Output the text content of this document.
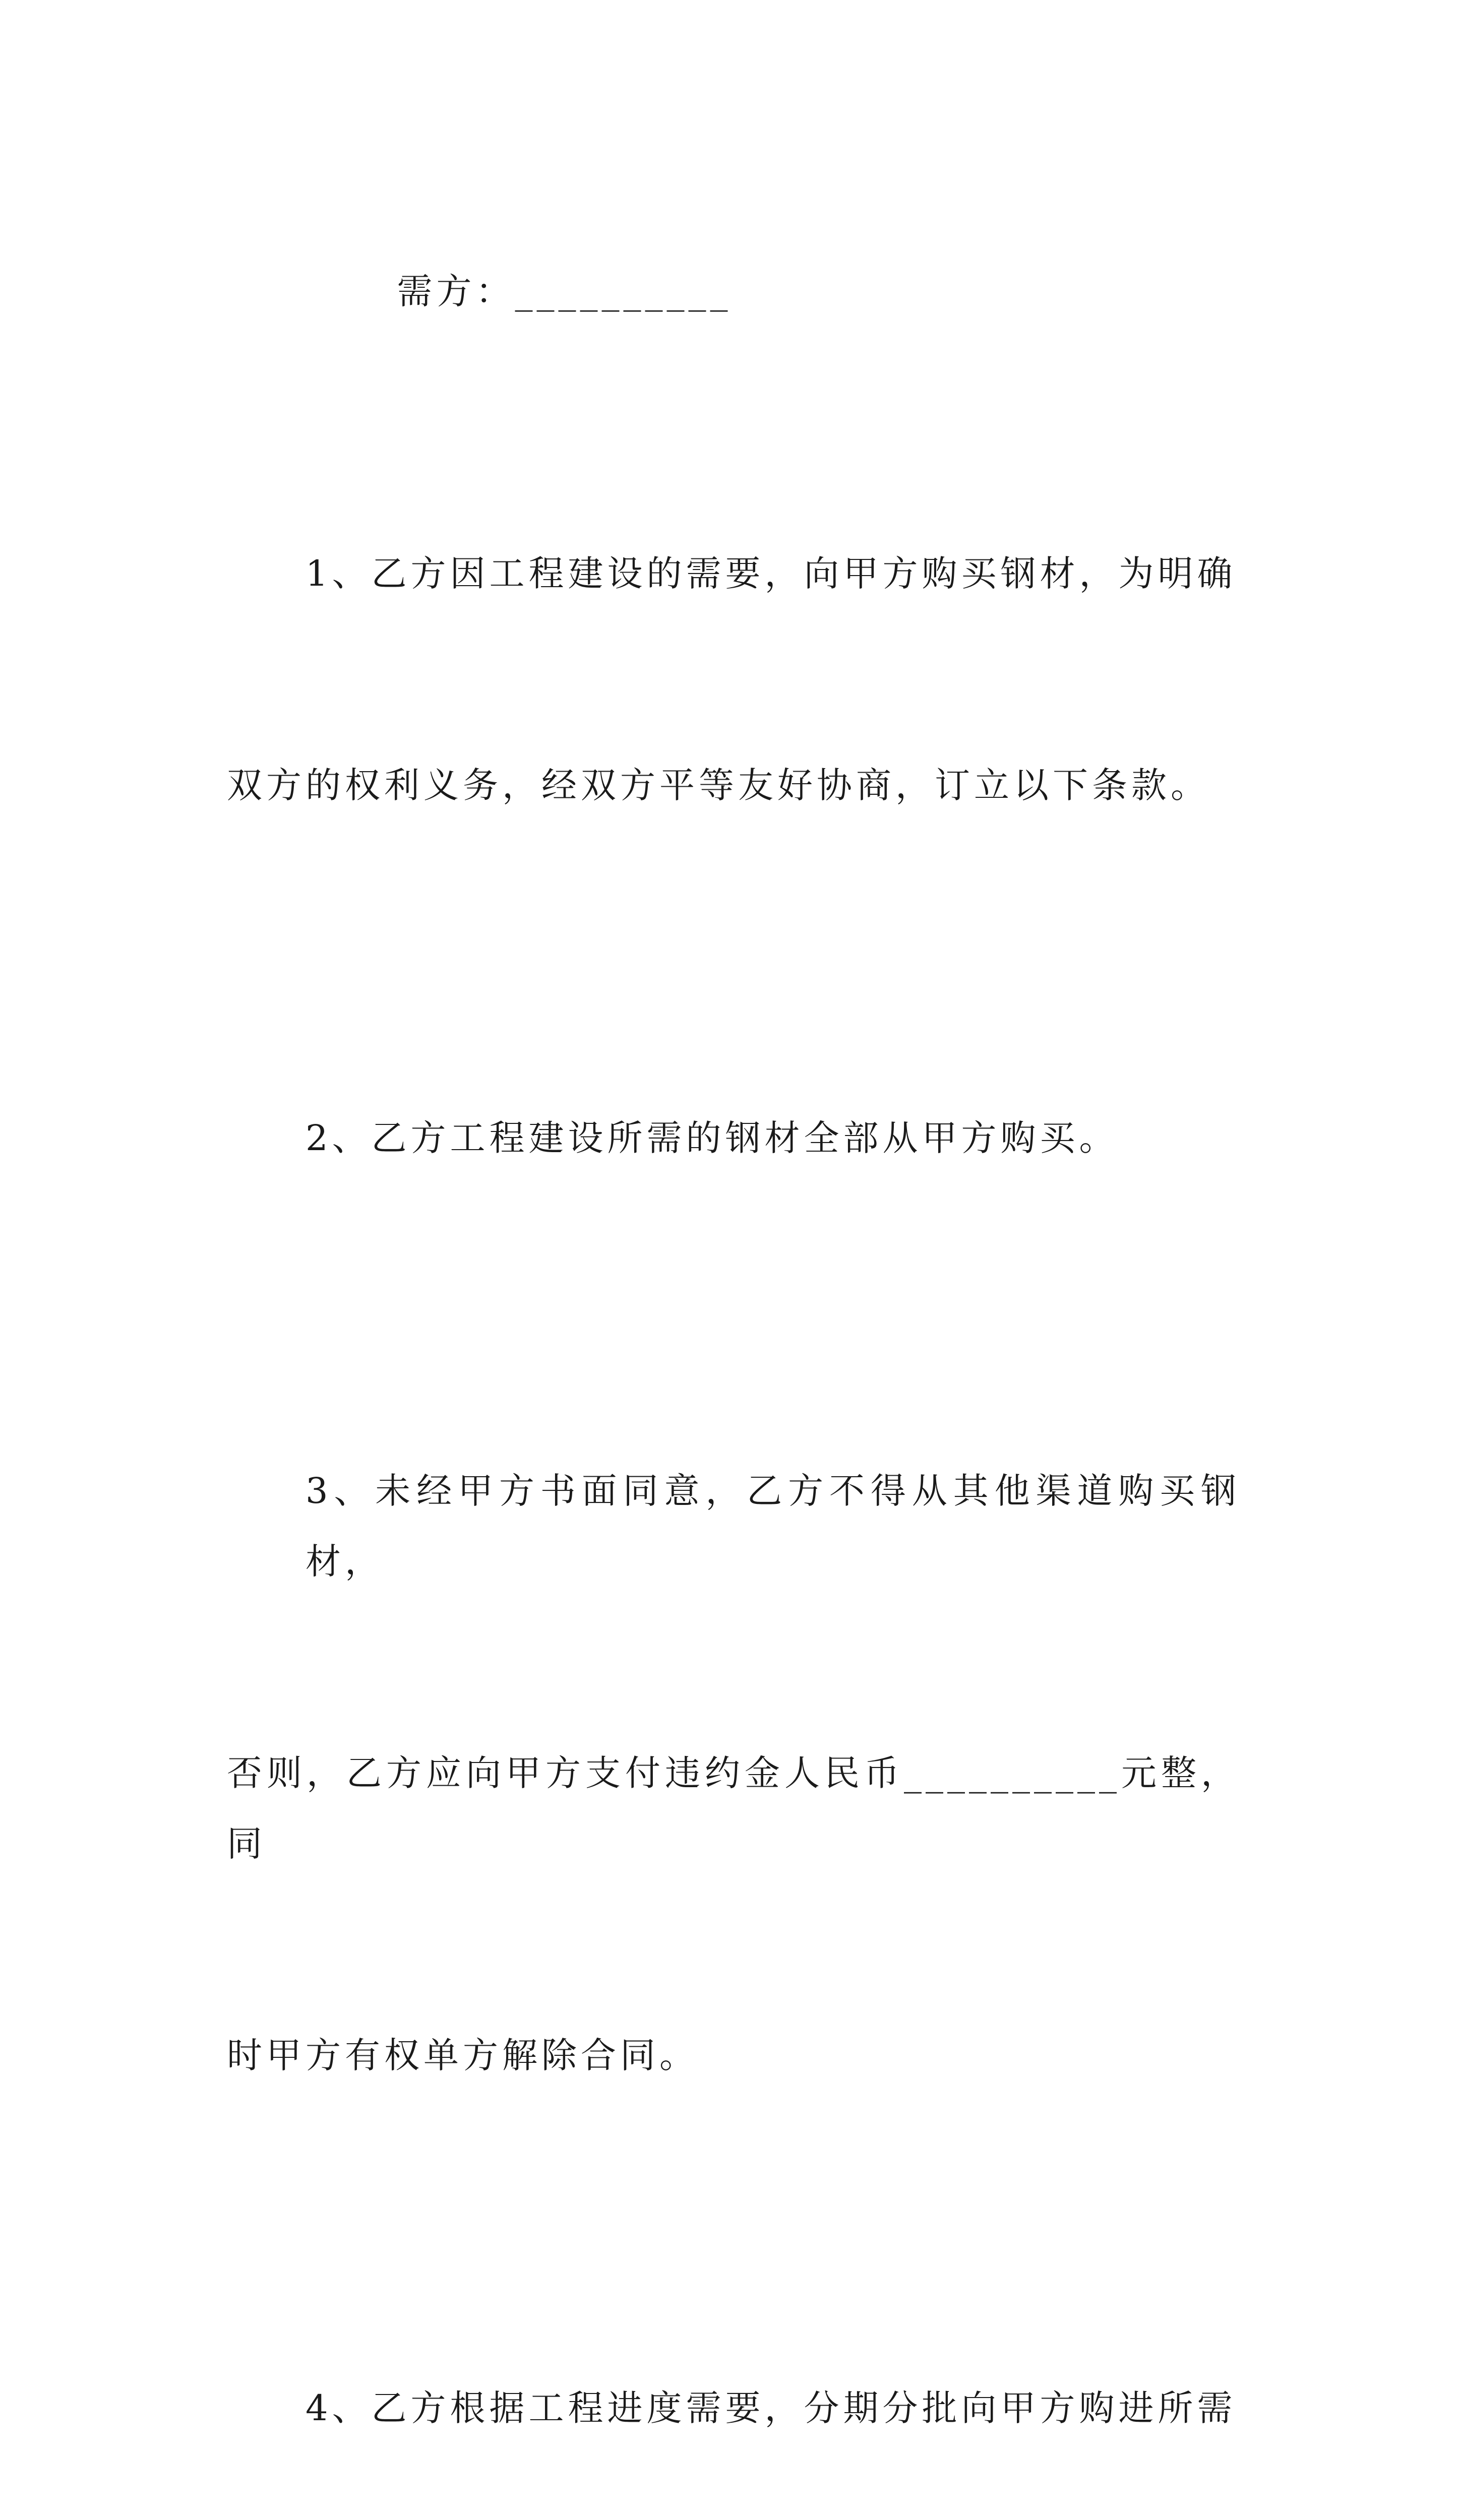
需方：__________

1、乙方因工程建设的需要，向甲方购买钢材，为明确

双方的权利义务，经双方平等友好协商，订立以下条款。

2、乙方工程建设所需的钢材全部从甲方购买。

3、未经甲方书面同意，乙方不得从其他渠道购买钢材，

否则，乙方应向甲方支付违约金人民币__________元整，同

时甲方有权单方解除合同。

4、乙方根据工程进度需要，分期分批向甲方购进所需
